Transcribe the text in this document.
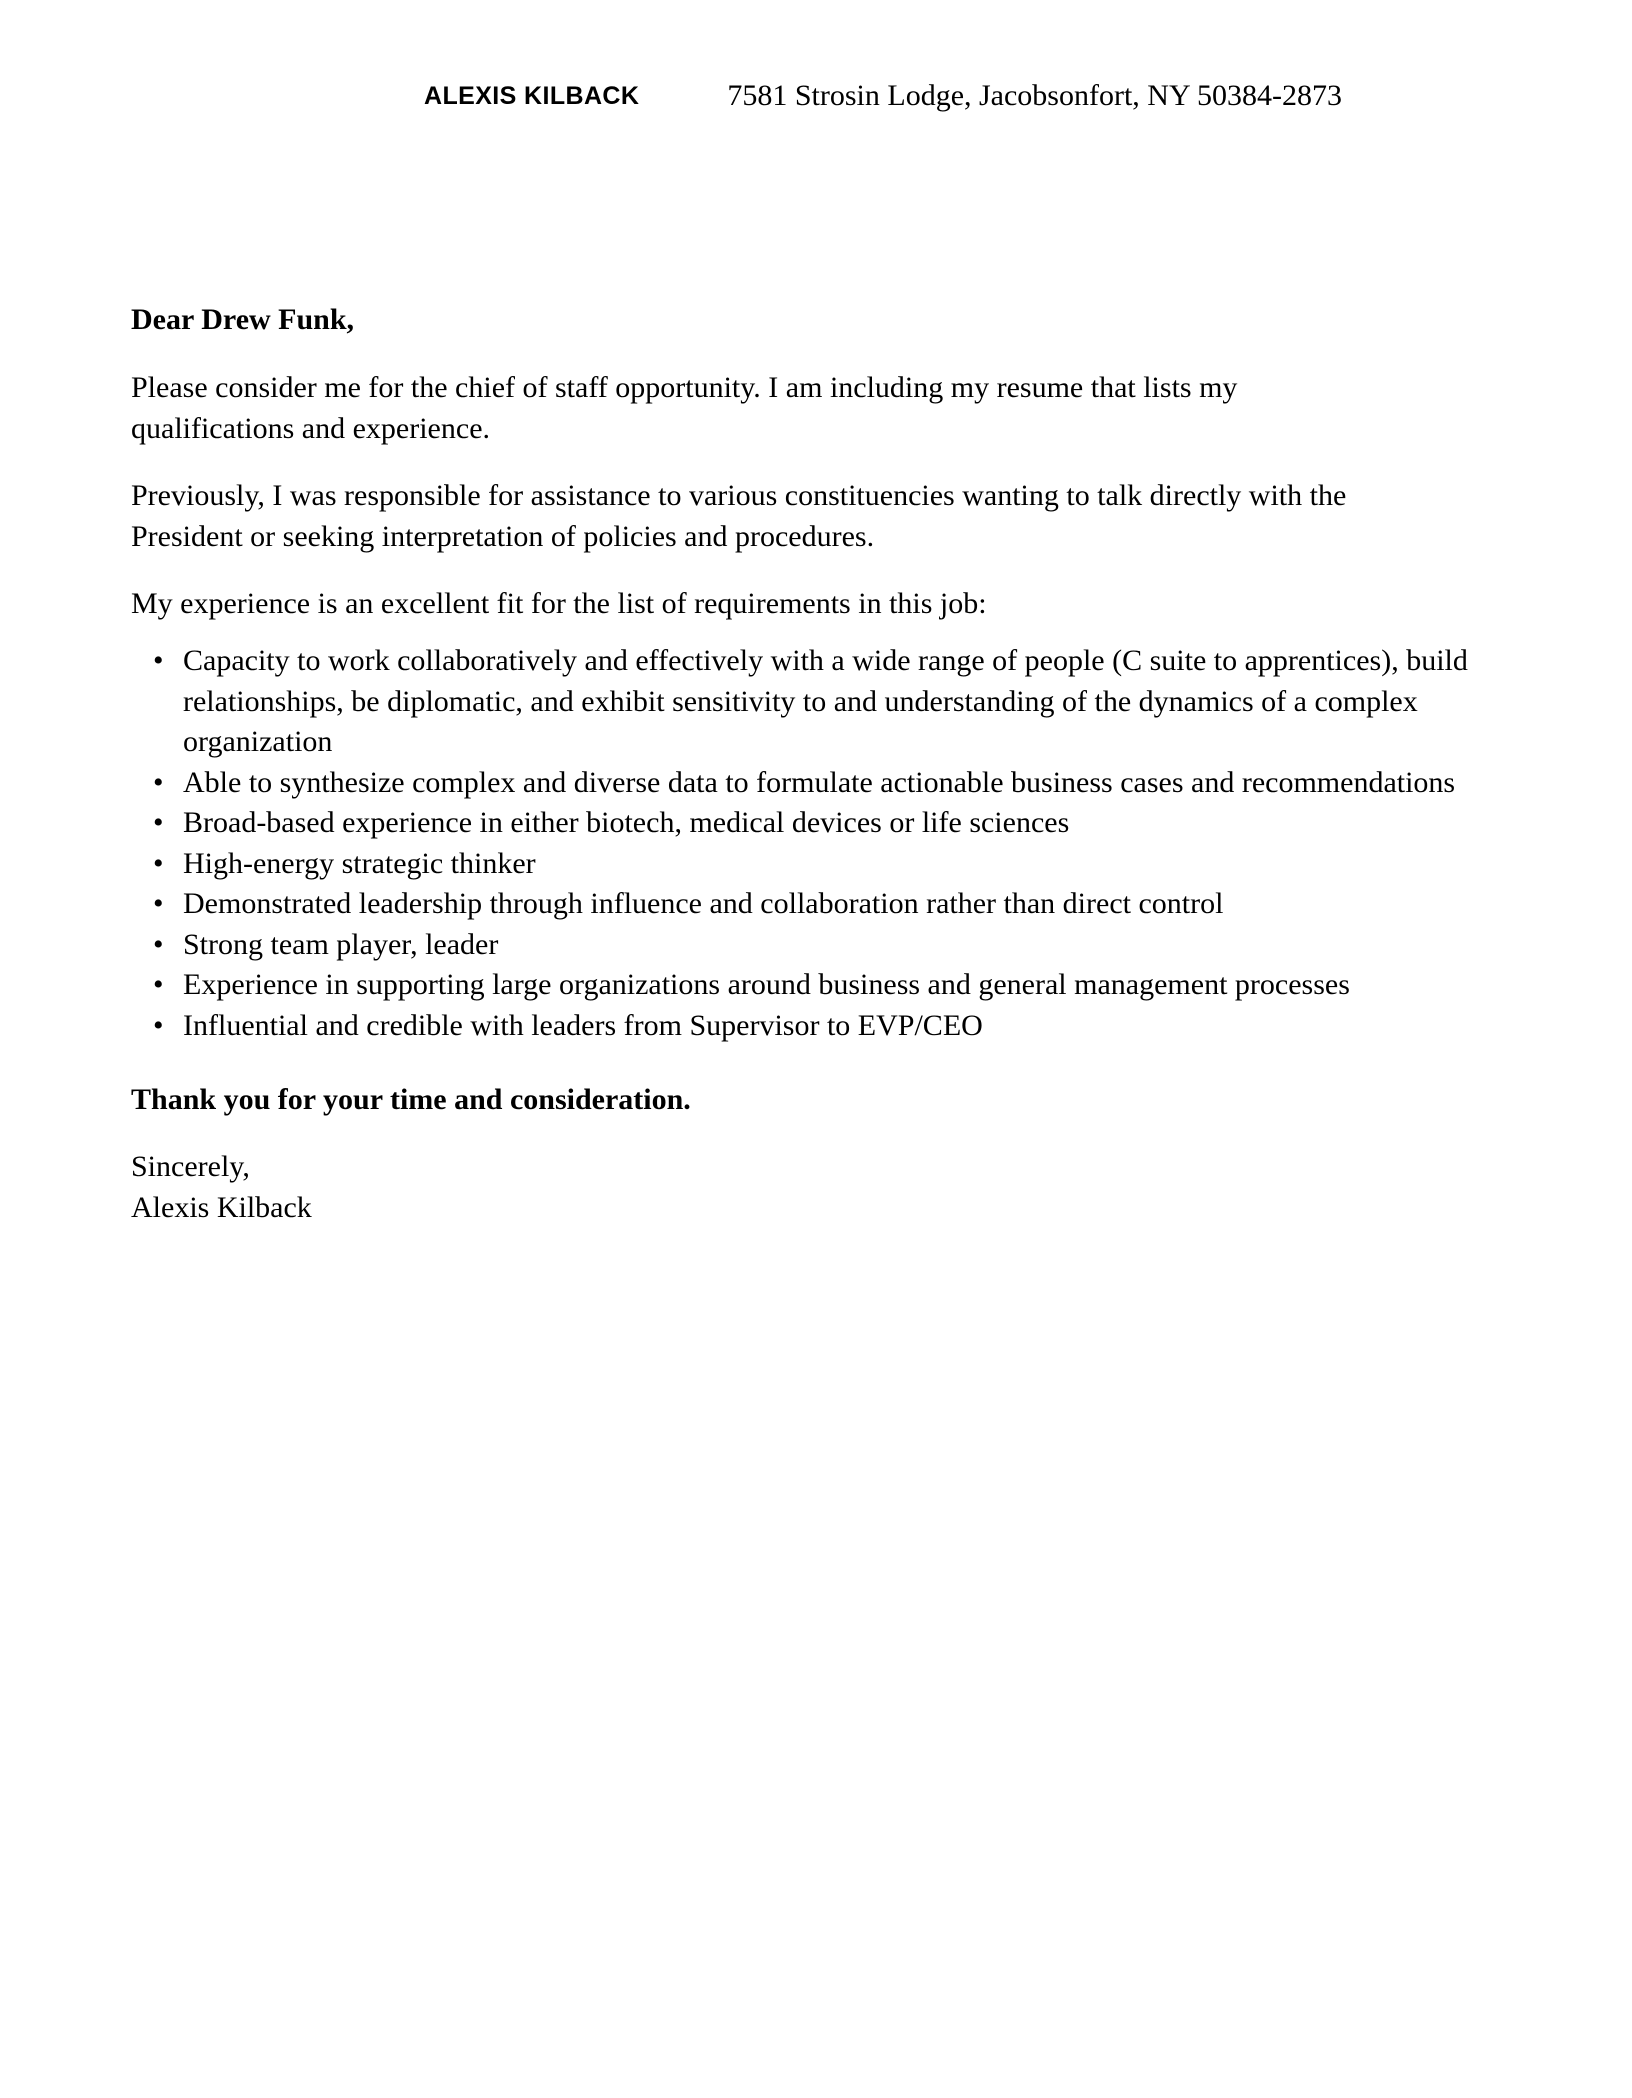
ALEXIS KILBACK	7581 Strosin Lodge, Jacobsonfort, NY 50384-2873

Dear Drew Funk,

Please consider me for the chief of staff opportunity. I am including my resume that lists my qualifications and experience.

Previously, I was responsible for assistance to various constituencies wanting to talk directly with the President or seeking interpretation of policies and procedures.

My experience is an excellent fit for the list of requirements in this job:

• Capacity to work collaboratively and effectively with a wide range of people (C suite to apprentices), build relationships, be diplomatic, and exhibit sensitivity to and understanding of the dynamics of a complex organization
• Able to synthesize complex and diverse data to formulate actionable business cases and recommendations
• Broad-based experience in either biotech, medical devices or life sciences
• High-energy strategic thinker
• Demonstrated leadership through influence and collaboration rather than direct control
• Strong team player, leader
• Experience in supporting large organizations around business and general management processes
• Influential and credible with leaders from Supervisor to EVP/CEO

Thank you for your time and consideration.

Sincerely,
Alexis Kilback
